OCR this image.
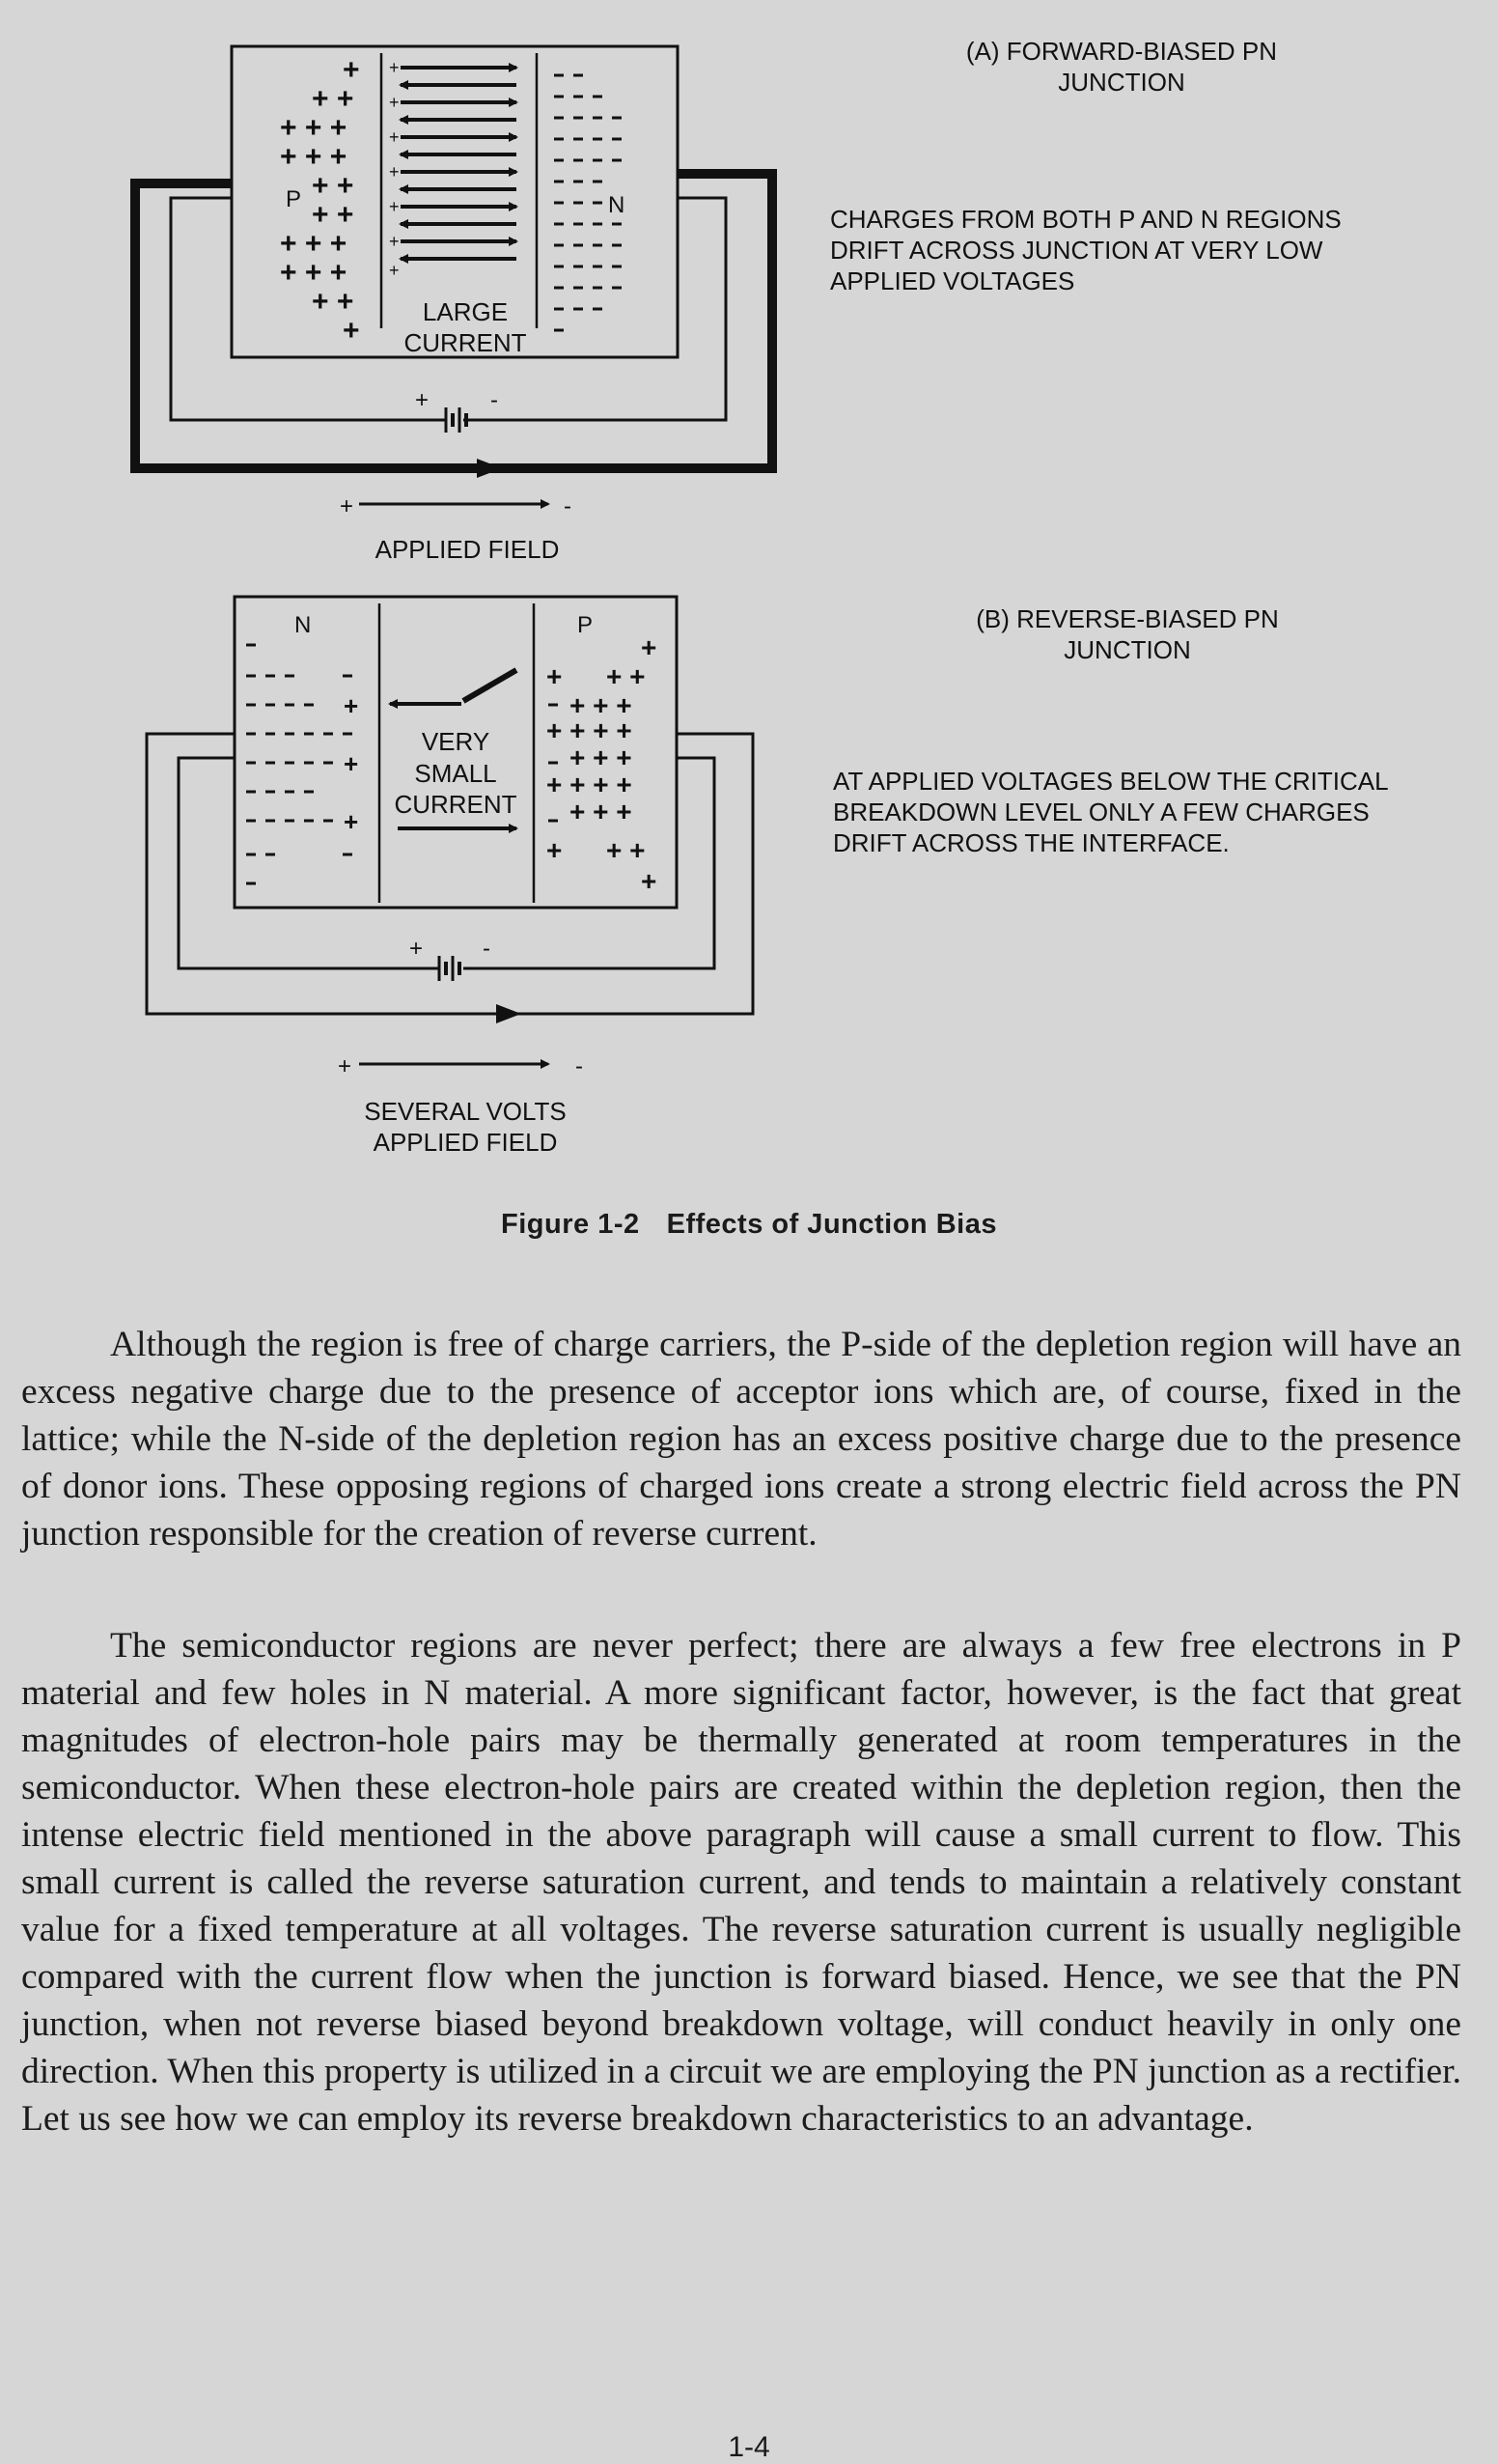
+
+ +
+ + +
+ + +
+ +
+ +
+ + +
+ + +
+ +
+
P	N
+
+
+
+
+
+
+
LARGE
CURRENT
+	-
+	-
APPLIED FIELD
(A) FORWARD-BIASED PN
JUNCTION
CHARGES FROM BOTH P AND N REGIONS
DRIFT ACROSS JUNCTION AT VERY LOW
APPLIED VOLTAGES
N	P
+
+
+
+
+ + +
+ + +
+ + + +
+ + +
+ + + +
+ + +
+ + +
+
VERY
SMALL
CURRENT
+	-
+	-
SEVERAL VOLTS
APPLIED FIELD
(B) REVERSE-BIASED PN
JUNCTION
AT APPLIED VOLTAGES BELOW THE CRITICAL
BREAKDOWN LEVEL ONLY A FEW CHARGES
DRIFT ACROSS THE INTERFACE.
Figure 1-2 Effects of Junction Bias

Although the region is free of charge carriers, the P-side of the depletion region will have an excess negative charge due to the presence of acceptor ions which are, of course, fixed in the lattice; while the N-side of the depletion region has an excess positive charge due to the presence of donor ions. These opposing regions of charged ions create a strong electric field across the PN junction responsible for the creation of reverse current.

The semiconductor regions are never perfect; there are always a few free electrons in P material and few holes in N material. A more significant factor, however, is the fact that great magnitudes of electron-hole pairs may be thermally generated at room temperatures in the semiconductor. When these electron-hole pairs are created within the depletion region, then the intense electric field mentioned in the above paragraph will cause a small current to flow. This small current is called the reverse saturation current, and tends to maintain a relatively constant value for a fixed temperature at all voltages. The reverse saturation current is usually negligible compared with the current flow when the junction is forward biased. Hence, we see that the PN junction, when not reverse biased beyond breakdown voltage, will conduct heavily in only one direction. When this property is utilized in a circuit we are employing the PN junction as a rectifier. Let us see how we can employ its reverse breakdown characteristics to an advantage.

1-4
